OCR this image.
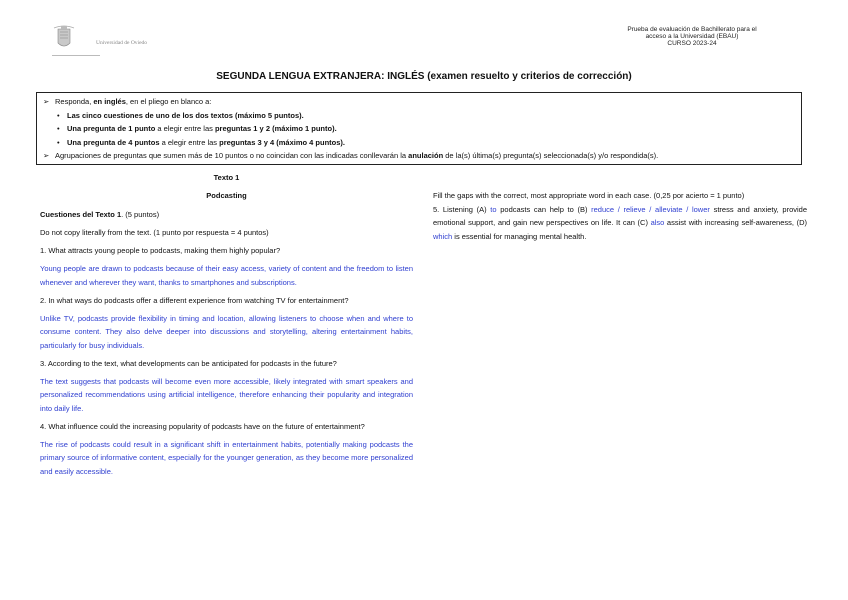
Universidad de Oviedo
Prueba de evaluación de Bachillerato para el
acceso a la Universidad (EBAU)
CURSO 2023-24
SEGUNDA LENGUA EXTRANJERA: INGLÉS (examen resuelto y criterios de corrección)
➢ Responda, en inglés, en el pliego en blanco a:
• Las cinco cuestiones de uno de los dos textos (máximo 5 puntos).
• Una pregunta de 1 punto a elegir entre las preguntas 1 y 2 (máximo 1 punto).
• Una pregunta de 4 puntos a elegir entre las preguntas 3 y 4 (máximo 4 puntos).
➢ Agrupaciones de preguntas que sumen más de 10 puntos o no coincidan con las indicadas conllevarán la anulación de la(s) última(s) pregunta(s) seleccionada(s) y/o respondida(s).
Texto 1
Podcasting

Cuestiones del Texto 1. (5 puntos)

Do not copy literally from the text. (1 punto por respuesta = 4 puntos)

1. What attracts young people to podcasts, making them highly popular?

Young people are drawn to podcasts because of their easy access, variety of content and the freedom to listen whenever and wherever they want, thanks to smartphones and subscriptions.

2. In what ways do podcasts offer a different experience from watching TV for entertainment?

Unlike TV, podcasts provide flexibility in timing and location, allowing listeners to choose when and where to consume content. They also delve deeper into discussions and storytelling, altering entertainment habits, particularly for busy individuals.

3. According to the text, what developments can be anticipated for podcasts in the future?

The text suggests that podcasts will become even more accessible, likely integrated with smart speakers and personalized recommendations using artificial intelligence, therefore enhancing their popularity and integration into daily life.

4. What influence could the increasing popularity of podcasts have on the future of entertainment?

The rise of podcasts could result in a significant shift in entertainment habits, potentially making podcasts the primary source of informative content, especially for the younger generation, as they become more personalized and easily accessible.

Fill the gaps with the correct, most appropriate word in each case. (0,25 por acierto = 1 punto)

5. Listening (A) to podcasts can help to (B) reduce / relieve / alleviate / lower stress and anxiety, provide emotional support, and gain new perspectives on life. It can (C) also assist with increasing self-awareness, (D) which is essential for managing mental health.
